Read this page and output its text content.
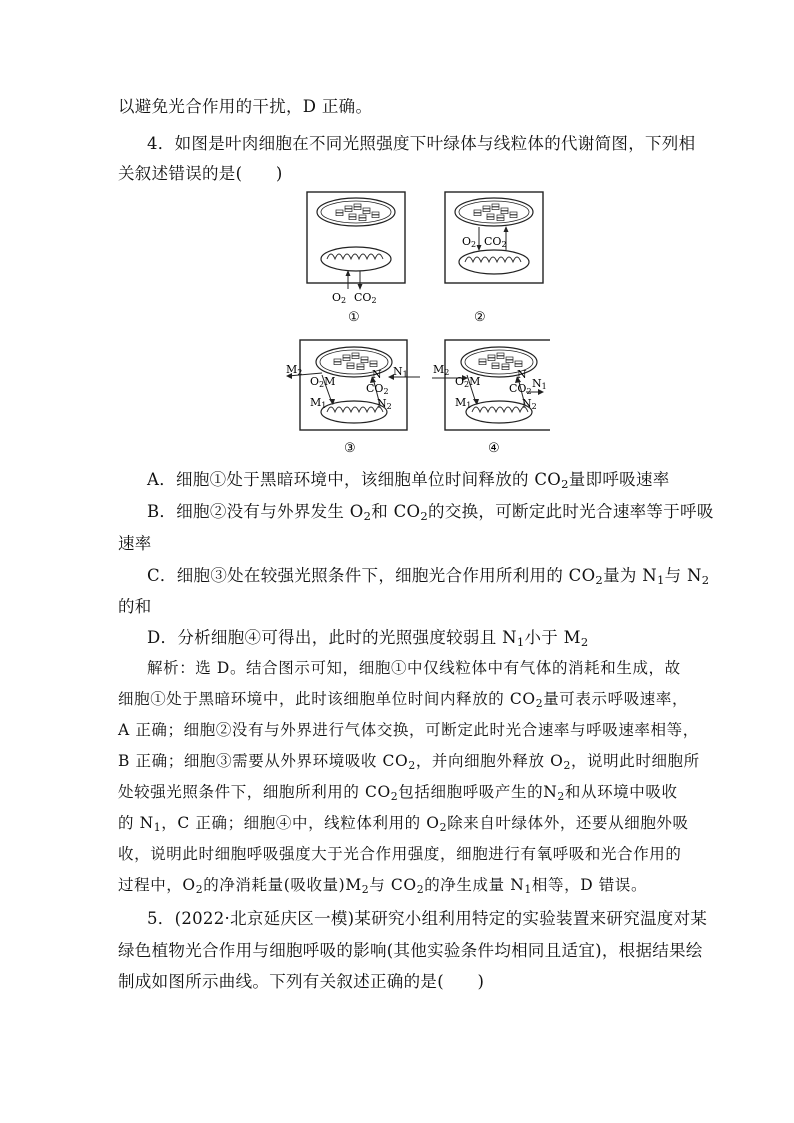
以避免光合作用的干扰，D 正确。
4．如图是叶肉细胞在不同光照强度下叶绿体与线粒体的代谢简图，下列相
关叙述错误的是(　　)
O2 CO2
①
O2 CO2
②
M2
O2M
M1
N N1
CO2
N2
③
M2
O2M
M1
N
CO2
N1
N2
④
A．细胞①处于黑暗环境中，该细胞单位时间释放的 $CO_2$量即呼吸速率
B．细胞②没有与外界发生 $O_2$和 $CO_2$的交换，可断定此时光合速率等于呼吸
速率
C．细胞③处在较强光照条件下，细胞光合作用所利用的 $CO_2$量为 $N_1$与 $N_2$
的和
D．分析细胞④可得出，此时的光照强度较弱且 $N_1$小于 $M_2$
解析：选 D。结合图示可知，细胞①中仅线粒体中有气体的消耗和生成，故
细胞①处于黑暗环境中，此时该细胞单位时间内释放的 $CO_2$量可表示呼吸速率，
A 正确；细胞②没有与外界进行气体交换，可断定此时光合速率与呼吸速率相等，
B 正确；细胞③需要从外界环境吸收 $CO_2$，并向细胞外释放 $O_2$，说明此时细胞所
处较强光照条件下，细胞所利用的 $CO_2$包括细胞呼吸产生的$N_2$和从环境中吸收
的 $N_1$，C 正确；细胞④中，线粒体利用的 $O_2$除来自叶绿体外，还要从细胞外吸
收，说明此时细胞呼吸强度大于光合作用强度，细胞进行有氧呼吸和光合作用的
过程中，$O_2$的净消耗量(吸收量)$M_2$与 $CO_2$的净生成量 $N_1$相等，D 错误。
5．(2022·北京延庆区一模)某研究小组利用特定的实验装置来研究温度对某
绿色植物光合作用与细胞呼吸的影响(其他实验条件均相同且适宜)，根据结果绘
制成如图所示曲线。下列有关叙述正确的是(　　)
